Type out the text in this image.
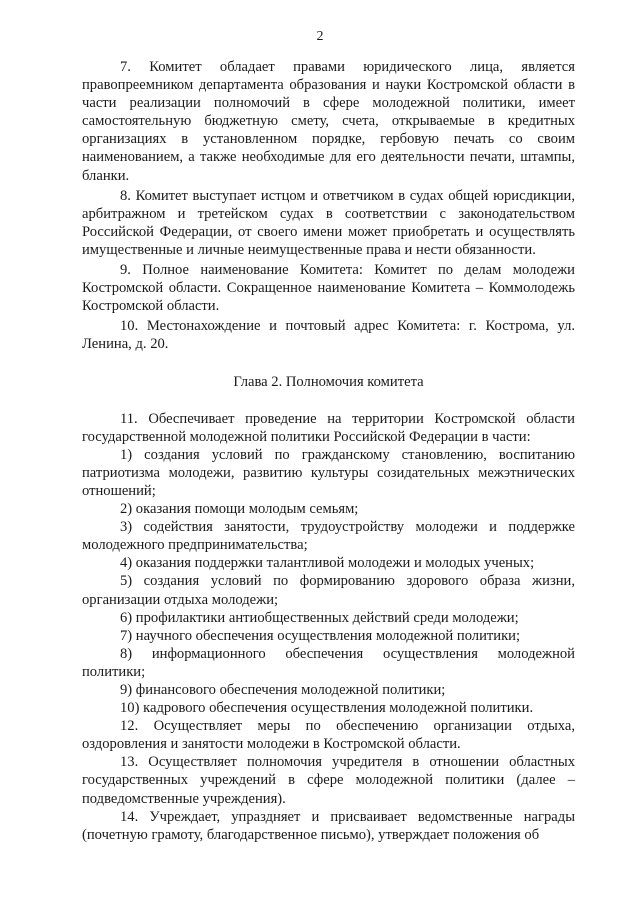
2

7. Комитет обладает правами юридического лица, является правопреемником департамента образования и науки Костромской области в части реализации полномочий в сфере молодежной политики, имеет самостоятельную бюджетную смету, счета, открываемые в кредитных организациях в установленном порядке, гербовую печать со своим наименованием, а также необходимые для его деятельности печати, штампы, бланки.

8. Комитет выступает истцом и ответчиком в судах общей юрисдикции, арбитражном и третейском судах в соответствии с законодательством Российской Федерации, от своего имени может приобретать и осуществлять имущественные и личные неимущественные права и нести обязанности.

9. Полное наименование Комитета: Комитет по делам молодежи Костромской области. Сокращенное наименование Комитета – Коммолодежь Костромской области.

10. Местонахождение и почтовый адрес Комитета: г. Кострома, ул. Ленина, д. 20.

Глава 2. Полномочия комитета

11. Обеспечивает проведение на территории Костромской области государственной молодежной политики Российской Федерации в части:

1) создания условий по гражданскому становлению, воспитанию патриотизма молодежи, развитию культуры созидательных межэтнических отношений;

2) оказания помощи молодым семьям;

3) содействия занятости, трудоустройству молодежи и поддержке молодежного предпринимательства;

4) оказания поддержки талантливой молодежи и молодых ученых;

5) создания условий по формированию здорового образа жизни, организации отдыха молодежи;

6) профилактики антиобщественных действий среди молодежи;

7) научного обеспечения осуществления молодежной политики;

8) информационного обеспечения осуществления молодежной политики;

9) финансового обеспечения молодежной политики;

10) кадрового обеспечения осуществления молодежной политики.

12. Осуществляет меры по обеспечению организации отдыха, оздоровления и занятости молодежи в Костромской области.

13. Осуществляет полномочия учредителя в отношении областных государственных учреждений в сфере молодежной политики (далее – подведомственные учреждения).

14. Учреждает, упраздняет и присваивает ведомственные награды (почетную грамоту, благодарственное письмо), утверждает положения об
